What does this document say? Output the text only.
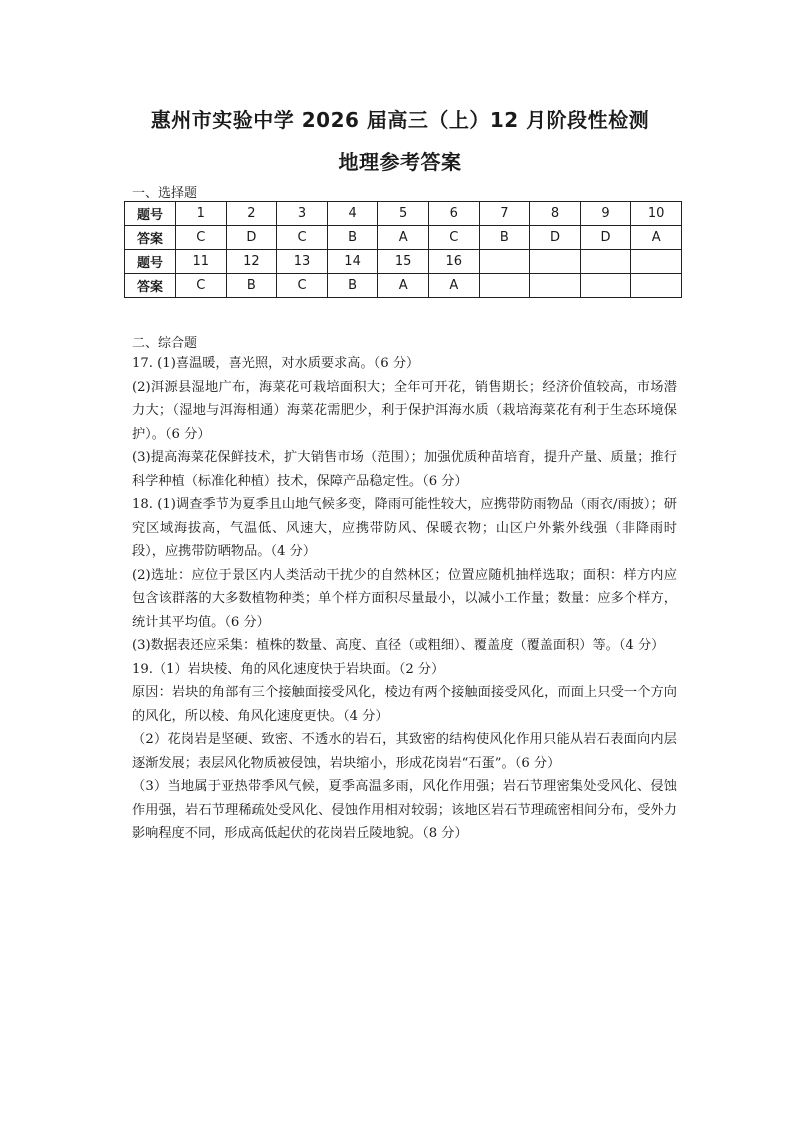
惠州市实验中学 2026 届高三（上）12 月阶段性检测
地理参考答案
一、选择题
题号	1	2	3	4	5	6	7	8	9	10
答案	C	D	C	B	A	C	B	D	D	A
题号	11	12	13	14	15	16				
答案	C	B	C	B	A	A				
二、综合题

17. (1)喜温暖，喜光照，对水质要求高。（6 分）

(2)洱源县湿地广布，海菜花可栽培面积大；全年可开花，销售期长；经济价值较高，市场潜力大；（湿地与洱海相通）海菜花需肥少，利于保护洱海水质（栽培海菜花有利于生态环境保护）。（6 分）

(3)提高海菜花保鲜技术，扩大销售市场（范围）；加强优质种苗培育，提升产量、质量；推行科学种植（标准化种植）技术，保障产品稳定性。（6 分）

18. (1)调查季节为夏季且山地气候多变，降雨可能性较大，应携带防雨物品（雨衣/雨披）；研究区域海拔高，气温低、风速大，应携带防风、保暖衣物；山区户外紫外线强（非降雨时段），应携带防晒物品。（4 分）

(2)选址：应位于景区内人类活动干扰少的自然林区；位置应随机抽样选取；面积：样方内应包含该群落的大多数植物种类；单个样方面积尽量最小，以减小工作量；数量：应多个样方，统计其平均值。（6 分）

(3)数据表还应采集：植株的数量、高度、直径（或粗细）、覆盖度（覆盖面积）等。（4 分）

19.（1）岩块棱、角的风化速度快于岩块面。（2 分）

原因：岩块的角部有三个接触面接受风化，棱边有两个接触面接受风化，而面上只受一个方向的风化，所以棱、角风化速度更快。（4 分）

（2）花岗岩是坚硬、致密、不透水的岩石，其致密的结构使风化作用只能从岩石表面向内层逐渐发展；表层风化物质被侵蚀，岩块缩小，形成花岗岩“石蛋”。（6 分）

（3）当地属于亚热带季风气候，夏季高温多雨，风化作用强；岩石节理密集处受风化、侵蚀作用强，岩石节理稀疏处受风化、侵蚀作用相对较弱；该地区岩石节理疏密相间分布，受外力影响程度不同，形成高低起伏的花岗岩丘陵地貌。（8 分）
